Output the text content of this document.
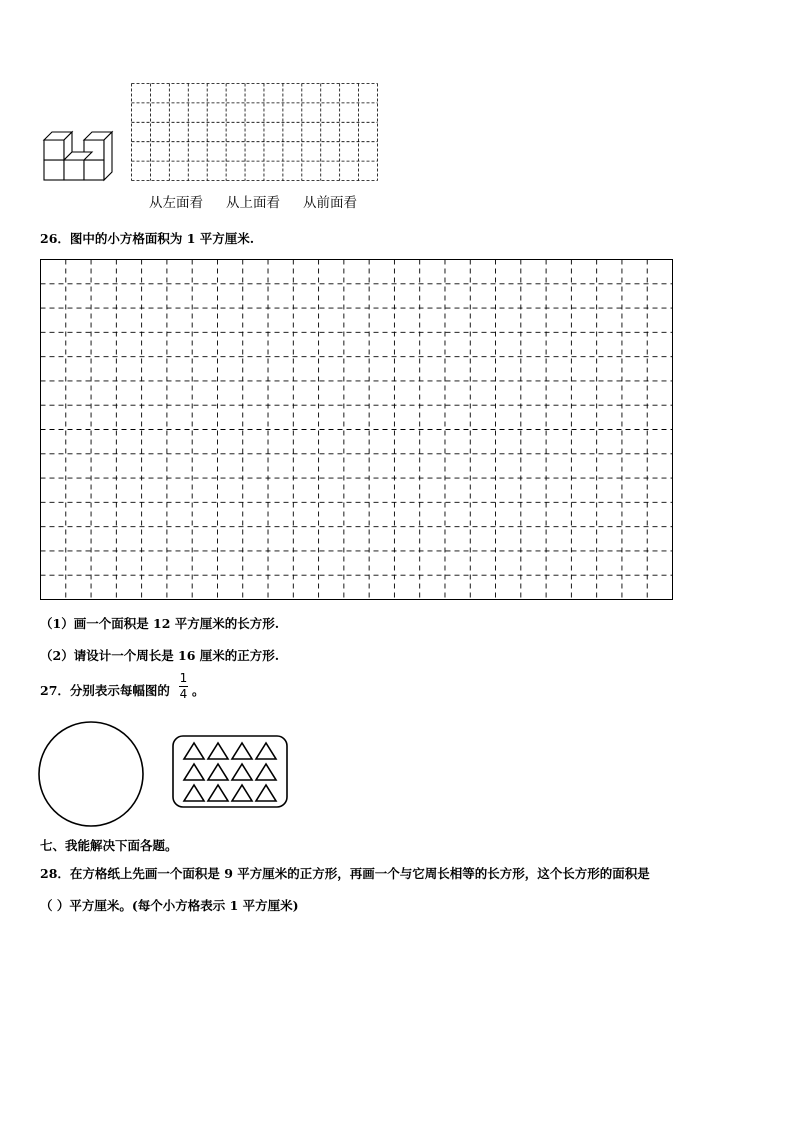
从左面看 从上面看 从前面看
26．图中的小方格面积为 1 平方厘米.
（1）画一个面积是 12 平方厘米的长方形.
（2）请设计一个周长是 16 厘米的正方形.
27．分别表示每幅图的
1
4 。
七、我能解决下面各题。
28．在方格纸上先画一个面积是 9 平方厘米的正方形，再画一个与它周长相等的长方形，这个长方形的面积是
（ ）平方厘米。(每个小方格表示 1 平方厘米)
